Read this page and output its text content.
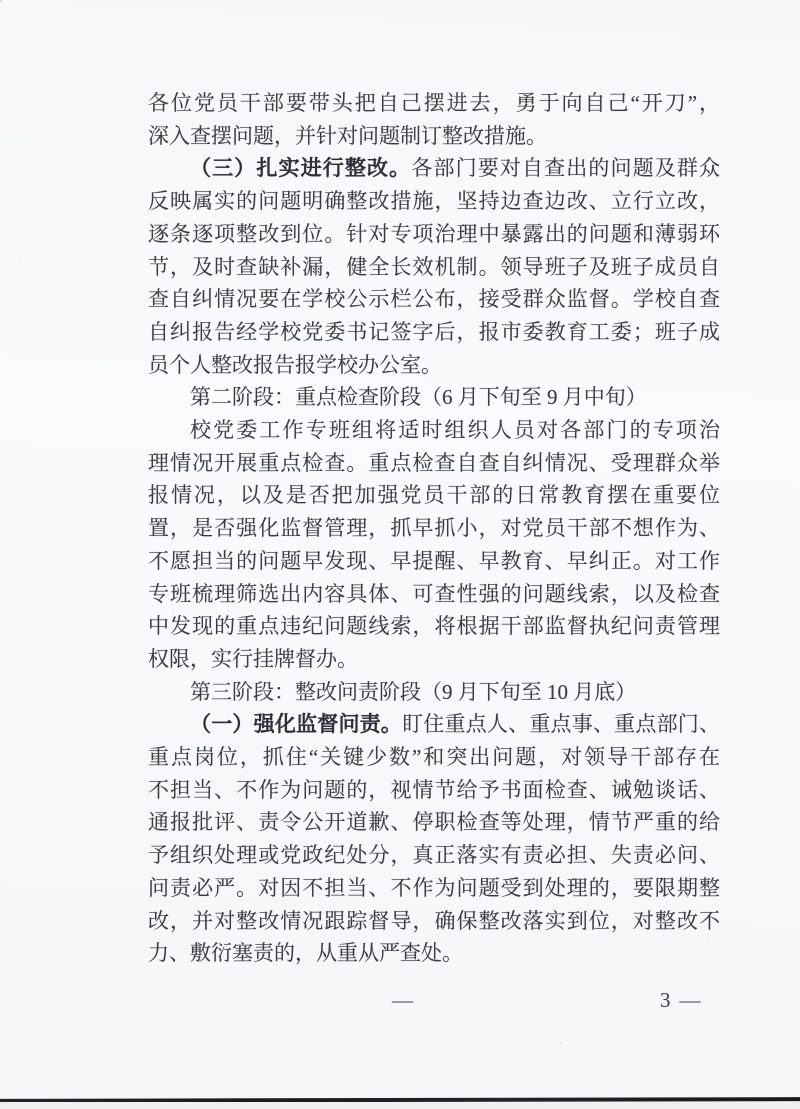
各位党员干部要带头把自己摆进去，勇于向自己“开刀”，
深入查摆问题，并针对问题制订整改措施。
（三）扎实进行整改。各部门要对自查出的问题及群众
反映属实的问题明确整改措施，坚持边查边改、立行立改，
逐条逐项整改到位。针对专项治理中暴露出的问题和薄弱环
节，及时查缺补漏，健全长效机制。领导班子及班子成员自
查自纠情况要在学校公示栏公布，接受群众监督。学校自查
自纠报告经学校党委书记签字后，报市委教育工委；班子成
员个人整改报告报学校办公室。
第二阶段：重点检查阶段（6 月下旬至 9 月中旬）
校党委工作专班组将适时组织人员对各部门的专项治
理情况开展重点检查。重点检查自查自纠情况、受理群众举
报情况，以及是否把加强党员干部的日常教育摆在重要位
置，是否强化监督管理，抓早抓小，对党员干部不想作为、
不愿担当的问题早发现、早提醒、早教育、早纠正。对工作
专班梳理筛选出内容具体、可查性强的问题线索，以及检查
中发现的重点违纪问题线索，将根据干部监督执纪问责管理
权限，实行挂牌督办。
第三阶段：整改问责阶段（9 月下旬至 10 月底）
（一）强化监督问责。盯住重点人、重点事、重点部门、
重点岗位，抓住“关键少数”和突出问题，对领导干部存在
不担当、不作为问题的，视情节给予书面检查、诫勉谈话、
通报批评、责令公开道歉、停职检查等处理，情节严重的给
予组织处理或党政纪处分，真正落实有责必担、失责必问、
问责必严。对因不担当、不作为问题受到处理的，要限期整
改，并对整改情况跟踪督导，确保整改落实到位，对整改不
力、敷衍塞责的，从重从严查处。
—	3 —
